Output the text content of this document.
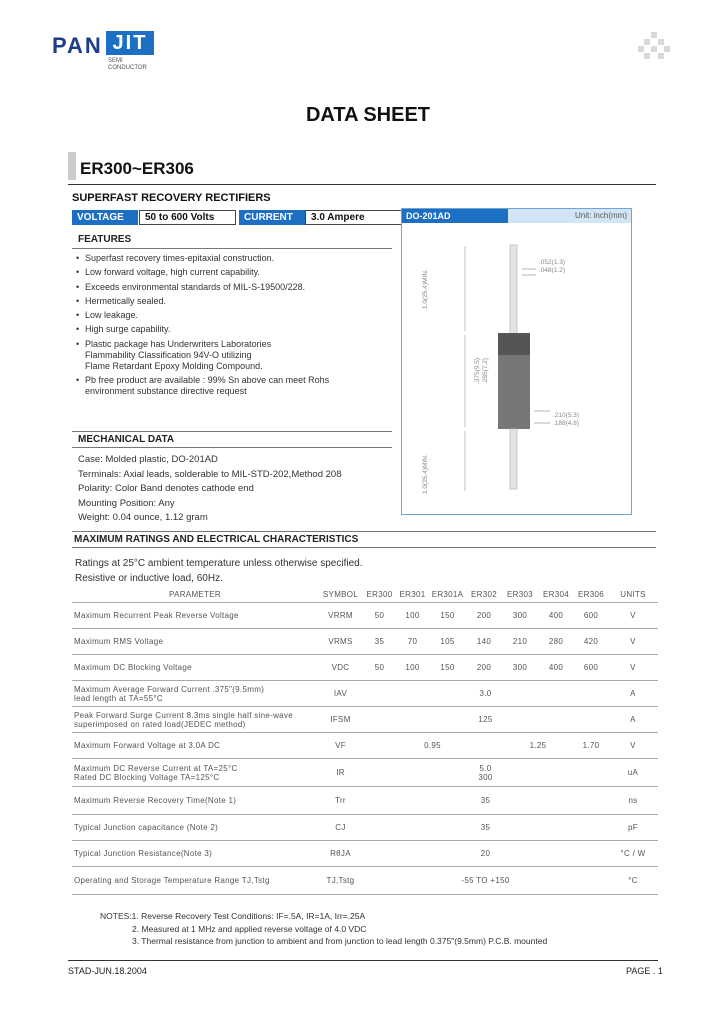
PAN JIT
SEMI
CONDUCTOR
DATA SHEET
ER300~ER306
SUPERFAST RECOVERY RECTIFIERS
VOLTAGE	50 to 600 Volts	CURRENT	3.0 Ampere
FEATURES
• Superfast recovery times-epitaxial construction.
• Low forward voltage, high current capability.
• Exceeds environmental standards of MIL-S-19500/228.
• Hermetically sealed.
• Low leakage.
• High surge capability.
• Plastic package has Underwriters Laboratories
Flammability Classification 94V-O utilizing
Flame Retardant Epoxy Molding Compound.
• Pb free product are available : 99% Sn above can meet Rohs
environment substance directive request
DO-201AD	Unit: inch(mm)
.052(1.3)
.048(1.2)
1.0(25.4)MIN.
.375(9.5)
.285(7.2)
.210(5.3)
.188(4.8)
1.0(25.4)MIN.
MECHANICAL DATA
Case: Molded plastic, DO-201AD
Terminals: Axial leads, solderable to MIL-STD-202,Method 208
Polarity: Color Band denotes cathode end
Mounting Position: Any
Weight: 0.04 ounce, 1.12 gram
MAXIMUM RATINGS AND ELECTRICAL CHARACTERISTICS
Ratings at 25°C ambient temperature unless otherwise specified.
Resistive or inductive load, 60Hz.
PARAMETER	SYMBOL	ER300	ER301	ER301A	ER302	ER303	ER304	ER306	UNITS
Maximum Recurrent Peak Reverse Voltage	VRRM	50	100	150	200	300	400	600	V
Maximum RMS Voltage	VRMS	35	70	105	140	210	280	420	V
Maximum DC Blocking Voltage	VDC	50	100	150	200	300	400	600	V
Maximum Average Forward Current .375"(9.5mm)
lead length at TA=55°C	IAV	3.0							A
Peak Forward Surge Current 8.3ms single half sine-wave
superimposed on rated load(JEDEC method)	IFSM	125							A
Maximum Forward Voltage at 3.0A DC	VF	0.95				1.25		1.70	V
Maximum DC Reverse Current at TA=25°C
Rated DC Blocking Voltage TA=125°C	IR	5.0
300							uA
Maximum Reverse Recovery Time(Note 1)	Trr	35							ns
Typical Junction capacitance (Note 2)	CJ	35							pF
Typical Junction Resistance(Note 3)	RθJA	20							°C / W
Operating and Storage Temperature Range TJ,Tstg	TJ,Tstg	-55 TO +150							°C
NOTES:1. Reverse Recovery Test Conditions: IF=.5A, IR=1A, Irr=.25A
2. Measured at 1 MHz and applied reverse voltage of 4.0 VDC
3. Thermal resistance from junction to ambient and from junction to lead length 0.375"(9.5mm) P.C.B. mounted
STAD-JUN.18.2004	PAGE . 1
